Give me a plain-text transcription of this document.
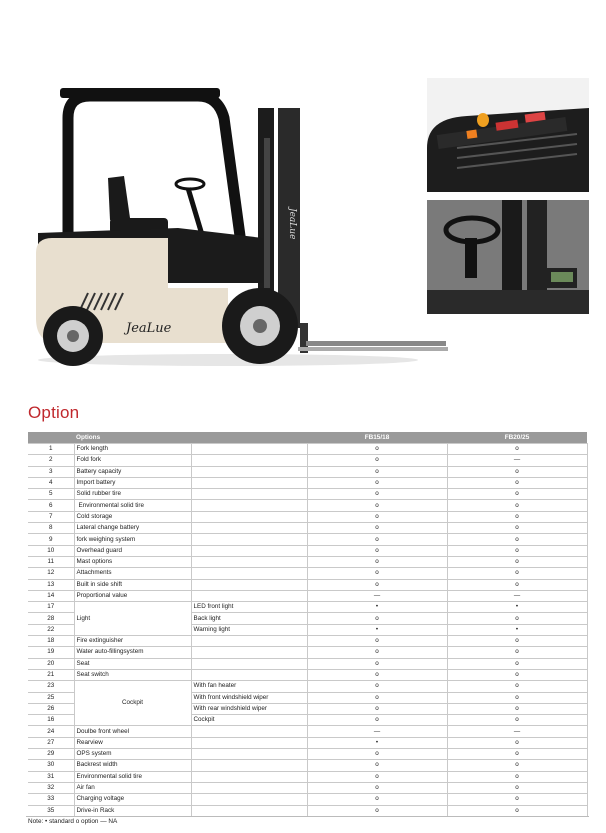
JeaLue
JeaLue
Option
	Options		FB15/18	FB20/25
1	Fork length		o	o
2	Fold fork		o	—
3	Battery capacity		o	o
4	Import battery		o	o
5	Solid rubber tire		o	o
6	Environmental solid tire		o	o
7	Cold storage		o	o
8	Lateral change battery		o	o
9	fork weighing system		o	o
10	Overhead guard		o	o
11	Mast options		o	o
12	Attachments		o	o
13	Built in side shift		o	o
14	Proportional value		—	—
17	Light	LED front light	•	•
28		Back light	o	o
22		Warning light	•	•
18	Fire extinguisher		o	o
19	Water auto-fillingsystem		o	o
20	Seat		o	o
21	Seat switch		o	o
23	Cockpit	With fan heater	o	o
25		With front windshield wiper	o	o
26		With rear windshield wiper	o	o
16		Cockpit	o	o
24	Doulbe front wheel		—	—
27	Rearview		•	o
29	OPS system		o	o
30	Backrest width		o	o
31	Environmental solid tire		o	o
32	Air fan		o	o
33	Charging voltage		o	o
35	Drive-in Rack		o	o
Note: • standard o option — NA
